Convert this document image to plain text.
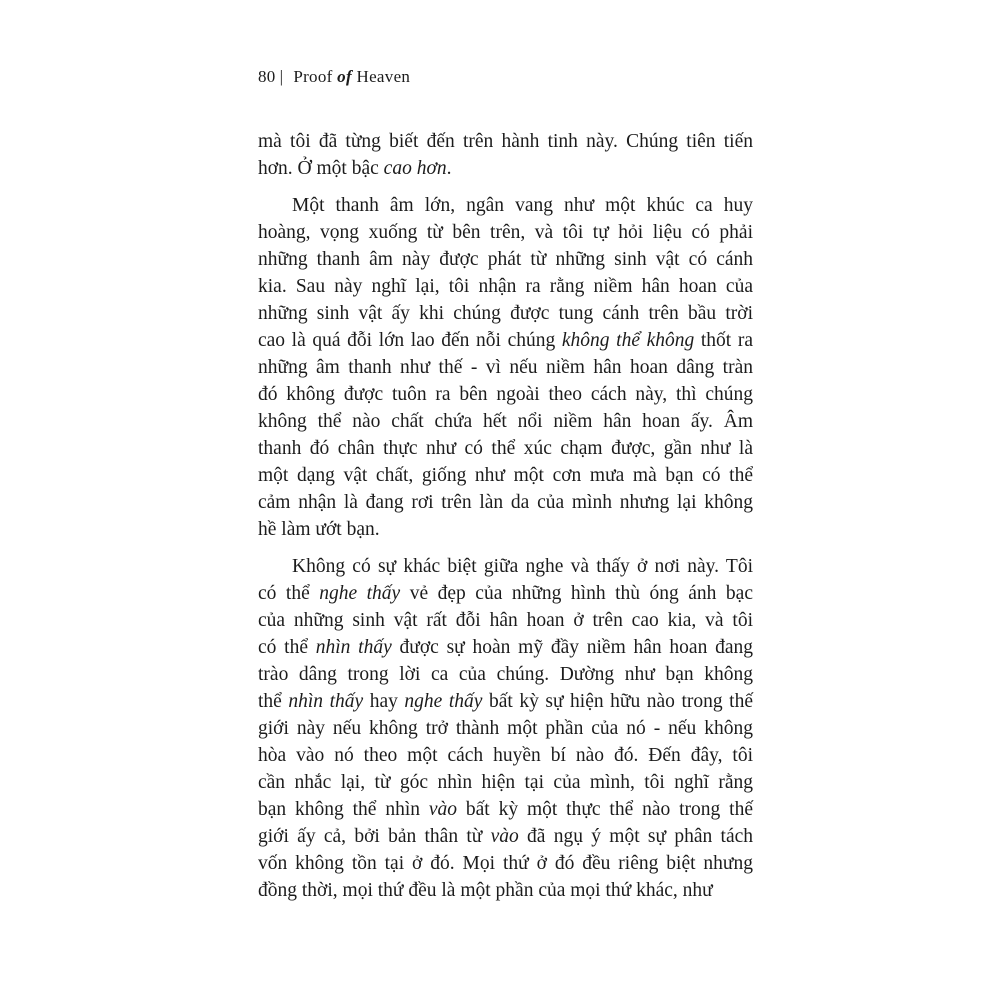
80 | Proof of Heaven
mà tôi đã từng biết đến trên hành tinh này. Chúng tiên tiến
hơn. Ở một bậc cao hơn.
Một thanh âm lớn, ngân vang như một khúc ca huy
hoàng, vọng xuống từ bên trên, và tôi tự hỏi liệu có phải
những thanh âm này được phát từ những sinh vật có cánh
kia. Sau này nghĩ lại, tôi nhận ra rằng niềm hân hoan của
những sinh vật ấy khi chúng được tung cánh trên bầu trời
cao là quá đỗi lớn lao đến nỗi chúng không thể không thốt ra
những âm thanh như thế - vì nếu niềm hân hoan dâng tràn
đó không được tuôn ra bên ngoài theo cách này, thì chúng
không thể nào chất chứa hết nổi niềm hân hoan ấy. Âm
thanh đó chân thực như có thể xúc chạm được, gần như là
một dạng vật chất, giống như một cơn mưa mà bạn có thể
cảm nhận là đang rơi trên làn da của mình nhưng lại không
hề làm ướt bạn.
Không có sự khác biệt giữa nghe và thấy ở nơi này. Tôi
có thể nghe thấy vẻ đẹp của những hình thù óng ánh bạc
của những sinh vật rất đỗi hân hoan ở trên cao kia, và tôi
có thể nhìn thấy được sự hoàn mỹ đầy niềm hân hoan đang
trào dâng trong lời ca của chúng. Dường như bạn không
thể nhìn thấy hay nghe thấy bất kỳ sự hiện hữu nào trong thế
giới này nếu không trở thành một phần của nó - nếu không
hòa vào nó theo một cách huyền bí nào đó. Đến đây, tôi
cần nhắc lại, từ góc nhìn hiện tại của mình, tôi nghĩ rằng
bạn không thể nhìn vào bất kỳ một thực thể nào trong thế
giới ấy cả, bởi bản thân từ vào đã ngụ ý một sự phân tách
vốn không tồn tại ở đó. Mọi thứ ở đó đều riêng biệt nhưng
đồng thời, mọi thứ đều là một phần của mọi thứ khác, như
